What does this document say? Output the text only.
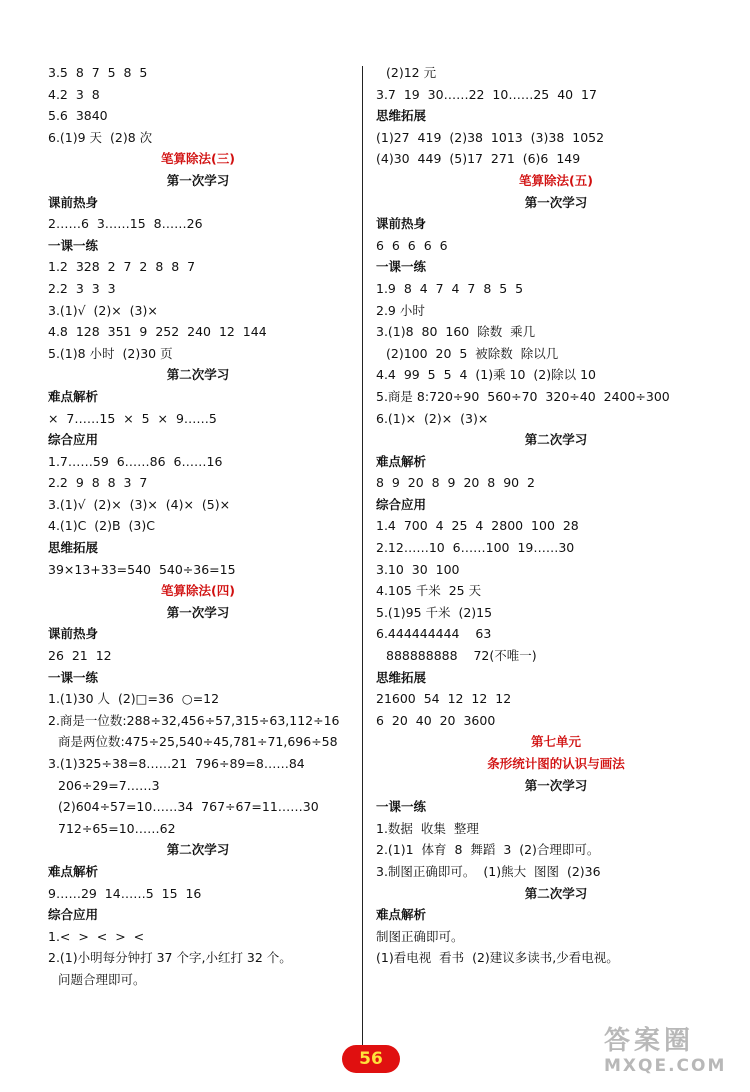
3.5  8  7  5  8  5
4.2  3  8
5.6  3840
6.(1)9 天  (2)8 次
笔算除法(三)
第一次学习
课前热身
2……6  3……15  8……26
一课一练
1.2  328  2  7  2  8  8  7
2.2  3  3  3
3.(1)√  (2)×  (3)×
4.8  128  351  9  252  240  12  144
5.(1)8 小时  (2)30 页
第二次学习
难点解析
×  7……15  ×  5  ×  9……5
综合应用
1.7……59  6……86  6……16
2.2  9  8  8  3  7
3.(1)√  (2)×  (3)×  (4)×  (5)×
4.(1)C  (2)B  (3)C
思维拓展
39×13+33=540  540÷36=15
笔算除法(四)
第一次学习
课前热身
26  21  12
一课一练
1.(1)30 人  (2)□=36  ○=12
2.商是一位数:288÷32,456÷57,315÷63,112÷16
商是两位数:475÷25,540÷45,781÷71,696÷58
3.(1)325÷38=8……21  796÷89=8……84
206÷29=7……3
(2)604÷57=10……34  767÷67=11……30
712÷65=10……62
第二次学习
难点解析
9……29  14……5  15  16
综合应用
1.<  >  <  >  <
2.(1)小明每分钟打 37 个字,小红打 32 个。
问题合理即可。
(2)12 元
3.7  19  30……22  10……25  40  17
思维拓展
(1)27  419  (2)38  1013  (3)38  1052
(4)30  449  (5)17  271  (6)6  149
笔算除法(五)
第一次学习
课前热身
6  6  6  6  6
一课一练
1.9  8  4  7  4  7  8  5  5
2.9 小时
3.(1)8  80  160  除数  乘几
(2)100  20  5  被除数  除以几
4.4  99  5  5  4  (1)乘 10  (2)除以 10
5.商是 8:720÷90  560÷70  320÷40  2400÷300
6.(1)×  (2)×  (3)×
第二次学习
难点解析
8  9  20  8  9  20  8  90  2
综合应用
1.4  700  4  25  4  2800  100  28
2.12……10  6……100  19……30
3.10  30  100
4.105 千米  25 天
5.(1)95 千米  (2)15
6.444444444    63
888888888    72(不唯一)
思维拓展
21600  54  12  12  12
6  20  40  20  3600
第七单元
条形统计图的认识与画法
第一次学习
一课一练
1.数据  收集  整理
2.(1)1  体育  8  舞蹈  3  (2)合理即可。
3.制图正确即可。  (1)熊大  图图  (2)36
第二次学习
难点解析
制图正确即可。
(1)看电视  看书  (2)建议多读书,少看电视。
56
答案圈
MXQE.COM
